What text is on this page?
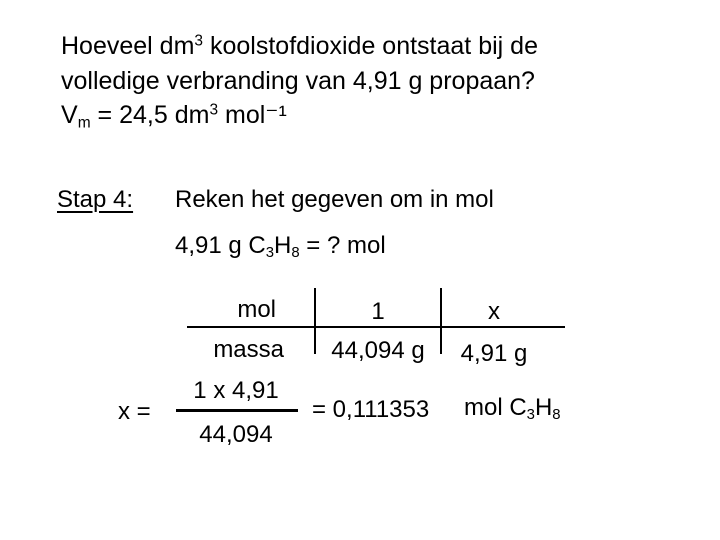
Hoeveel $dm^3$ koolstofdioxide ontstaat bij de
volledige verbranding van 4,91 g propaan?
$V_m = 24,5$ $dm^3$ mol⁻¹
Stap 4: Reken het gegeven om in mol
4,91 g $C_3H_8$ = ? mol
mol
massa
1
44,094 g
x
4,91 g
x =
1 x 4,91
44,094
= 0,111353 mol $C_3H_8$
